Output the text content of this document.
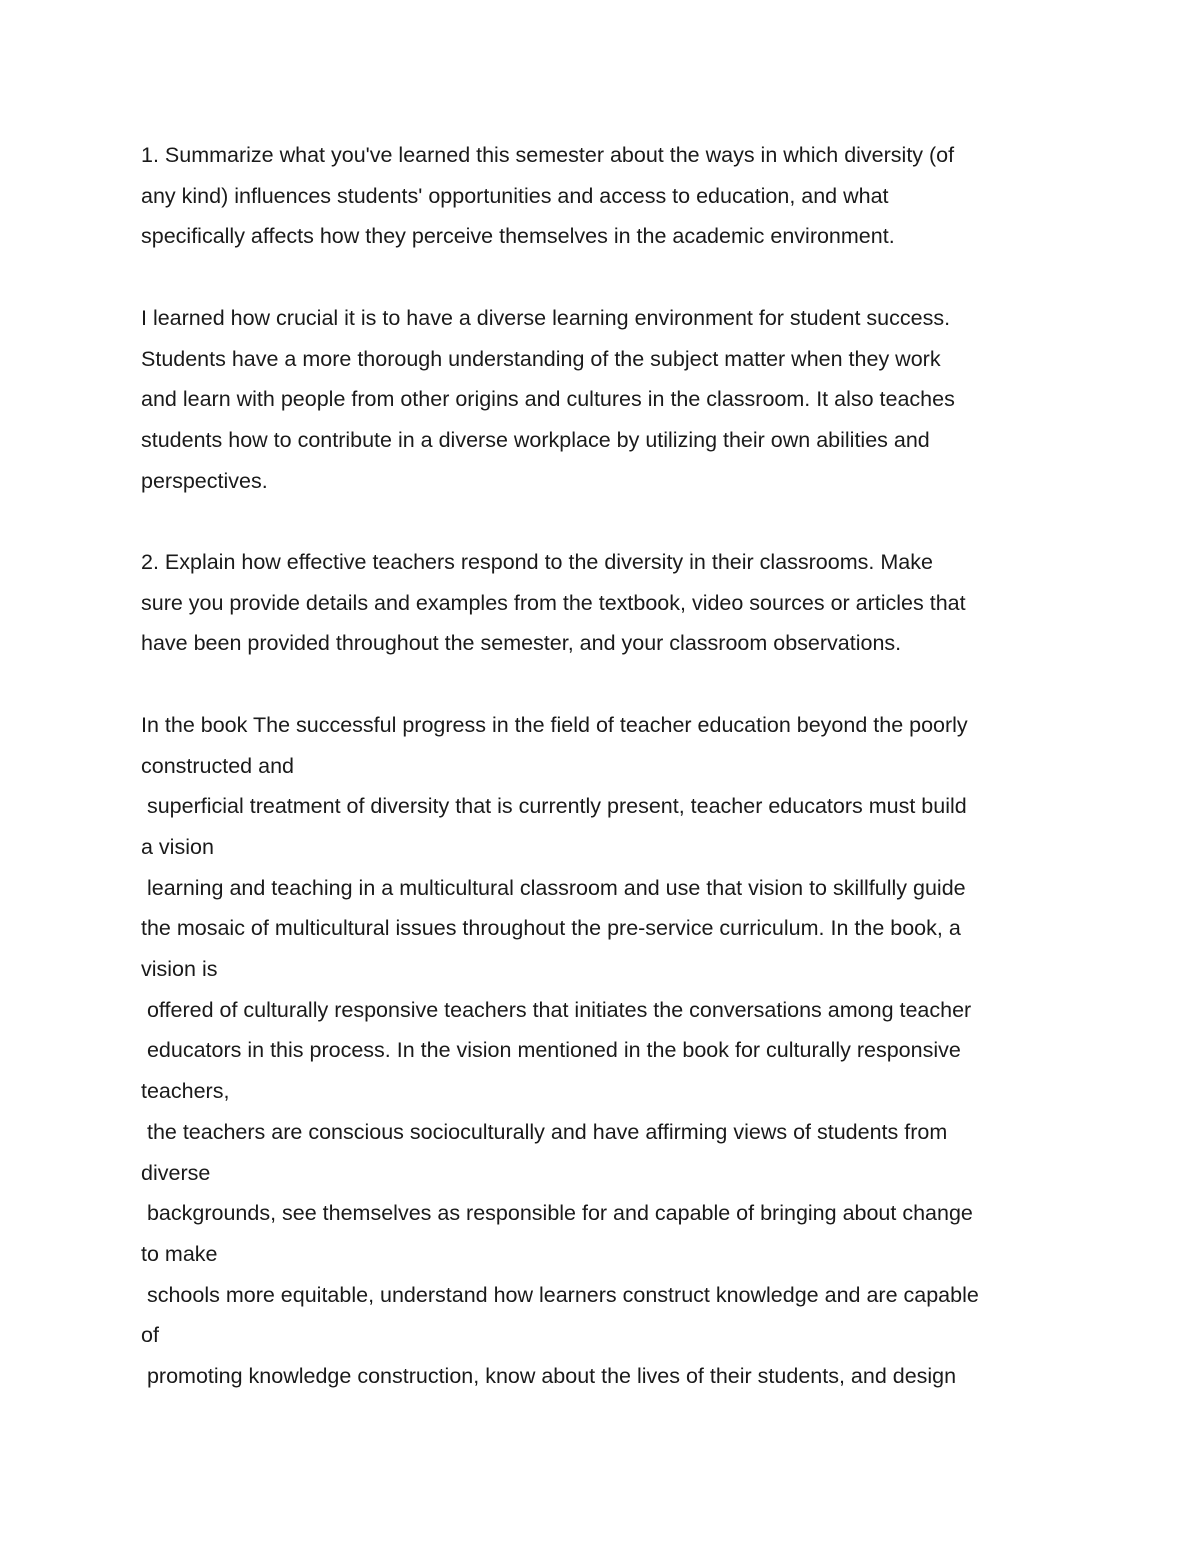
1. Summarize what you've learned this semester about the ways in which diversity (of
any kind) influences students' opportunities and access to education, and what
specifically affects how they perceive themselves in the academic environment.
I learned how crucial it is to have a diverse learning environment for student success.
Students have a more thorough understanding of the subject matter when they work
and learn with people from other origins and cultures in the classroom. It also teaches
students how to contribute in a diverse workplace by utilizing their own abilities and
perspectives.
2. Explain how effective teachers respond to the diversity in their classrooms. Make
sure you provide details and examples from the textbook, video sources or articles that
have been provided throughout the semester, and your classroom observations.
In the book The successful progress in the field of teacher education beyond the poorly
constructed and
superficial treatment of diversity that is currently present, teacher educators must build
a vision
learning and teaching in a multicultural classroom and use that vision to skillfully guide
the mosaic of multicultural issues throughout the pre-service curriculum. In the book, a
vision is
offered of culturally responsive teachers that initiates the conversations among teacher
educators in this process. In the vision mentioned in the book for culturally responsive
teachers,
the teachers are conscious socioculturally and have affirming views of students from
diverse
backgrounds, see themselves as responsible for and capable of bringing about change
to make
schools more equitable, understand how learners construct knowledge and are capable
of
promoting knowledge construction, know about the lives of their students, and design
